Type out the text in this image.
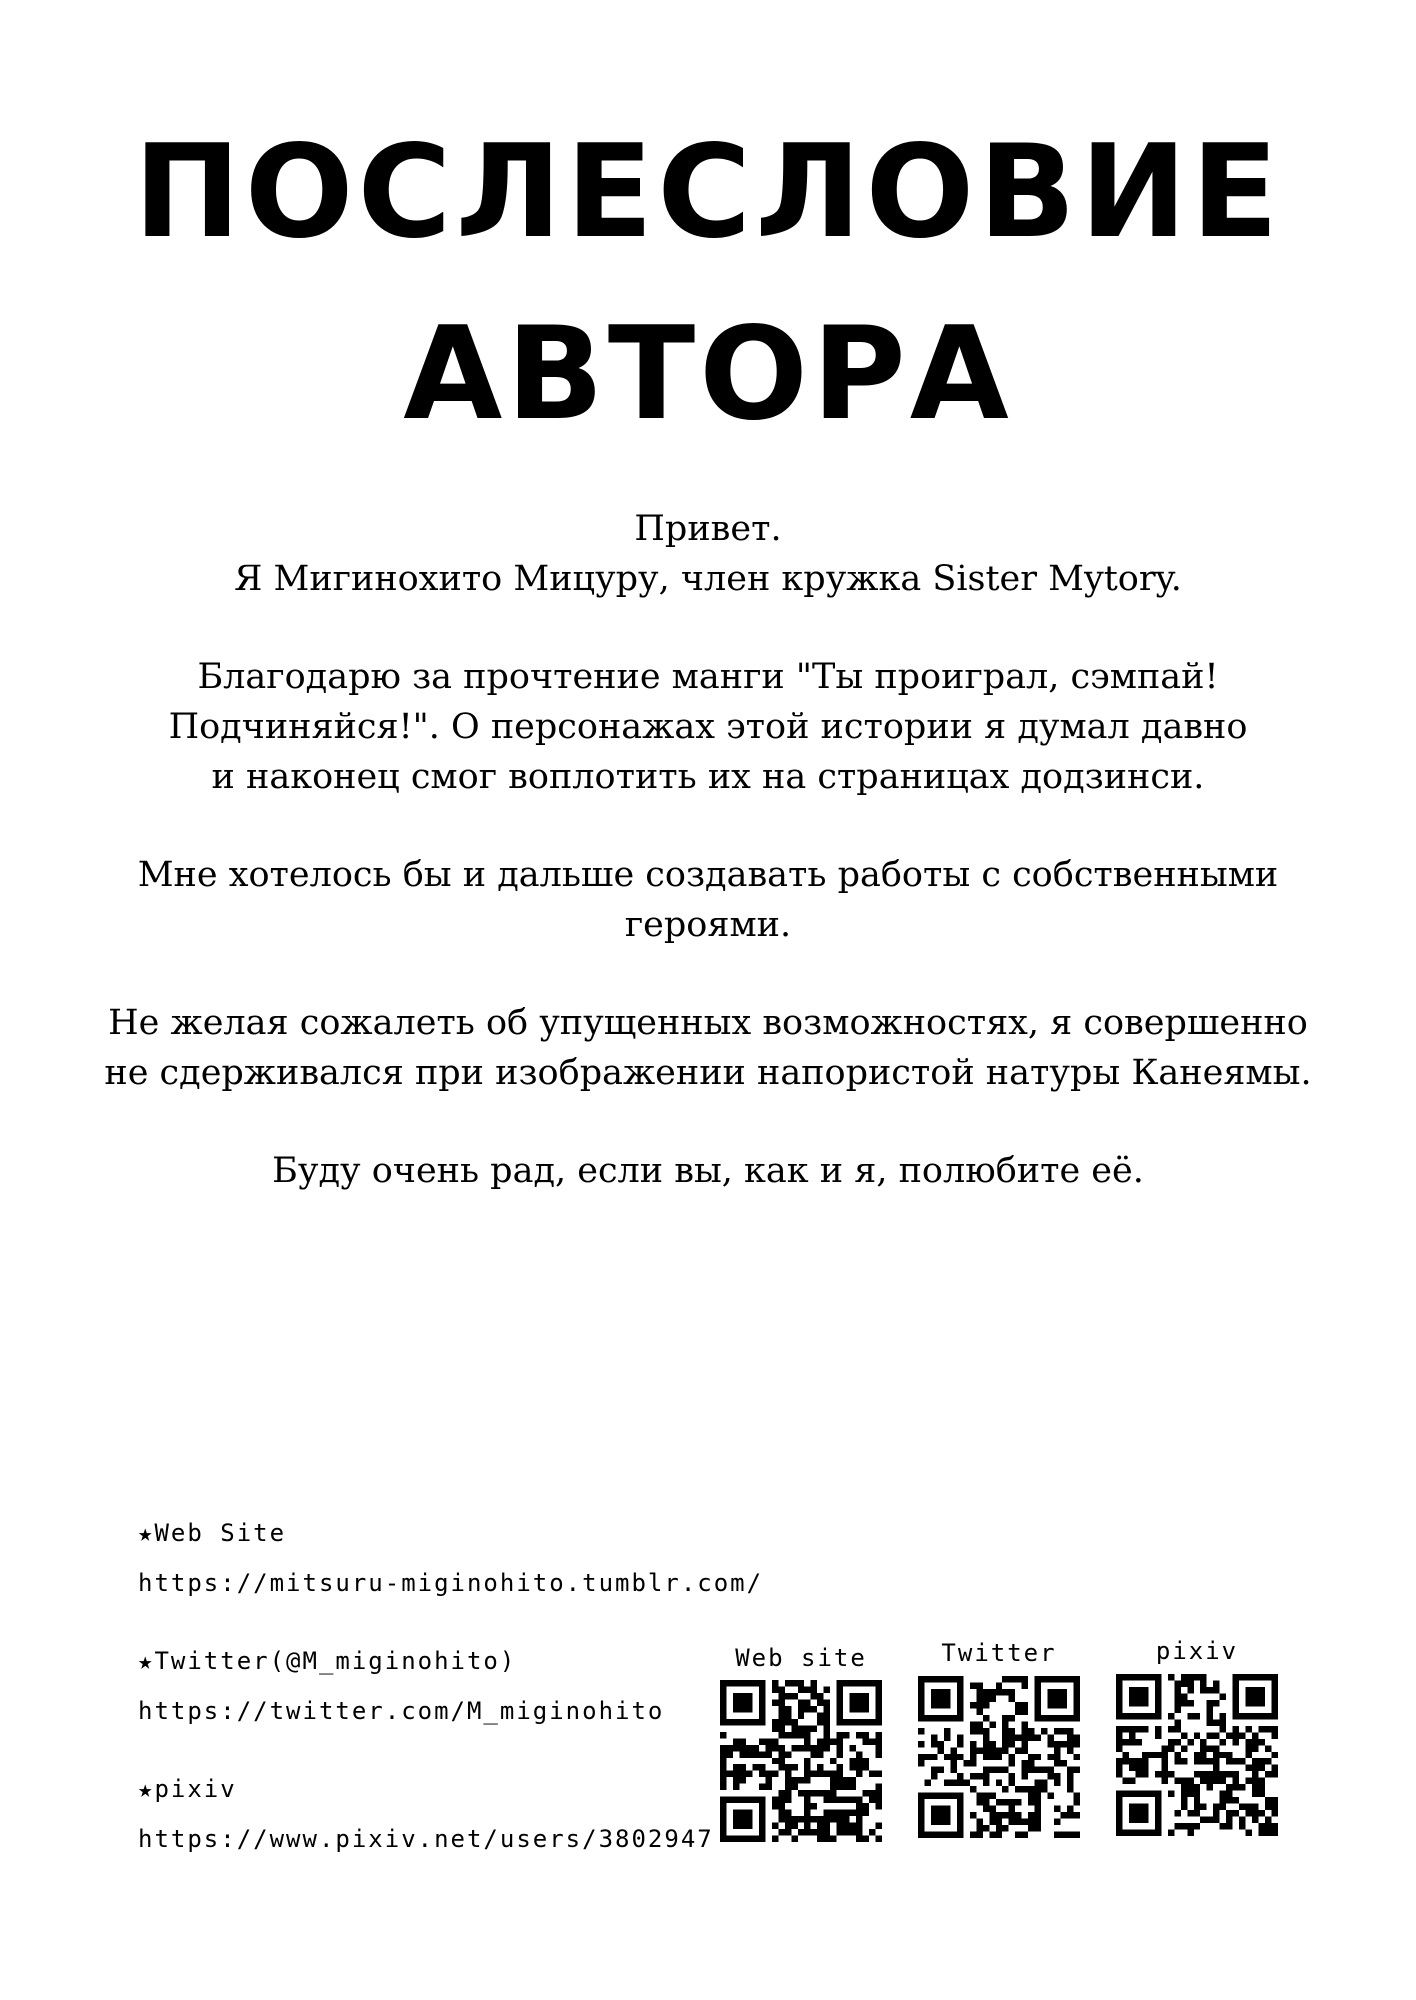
ПОСЛЕСЛОВИЕ
АВТОРА
Привет.
Я Мигинохито Мицуру, член кружка Sister Mytory.
Благодарю за прочтение манги "Ты проиграл, сэмпай!
Подчиняйся!". О персонажах этой истории я думал давно
и наконец смог воплотить их на страницах додзинси.
Мне хотелось бы и дальше создавать работы с собственными
героями.
Не желая сожалеть об упущенных возможностях, я совершенно
не сдерживался при изображении напористой натуры Канеямы.
Буду очень рад, если вы, как и я, полюбите её.
★Web Site
https://mitsuru-miginohito.tumblr.com/
★Twitter(@M_miginohito)
https://twitter.com/M_miginohito
★pixiv
https://www.pixiv.net/users/3802947
Web site	Twitter	pixiv
